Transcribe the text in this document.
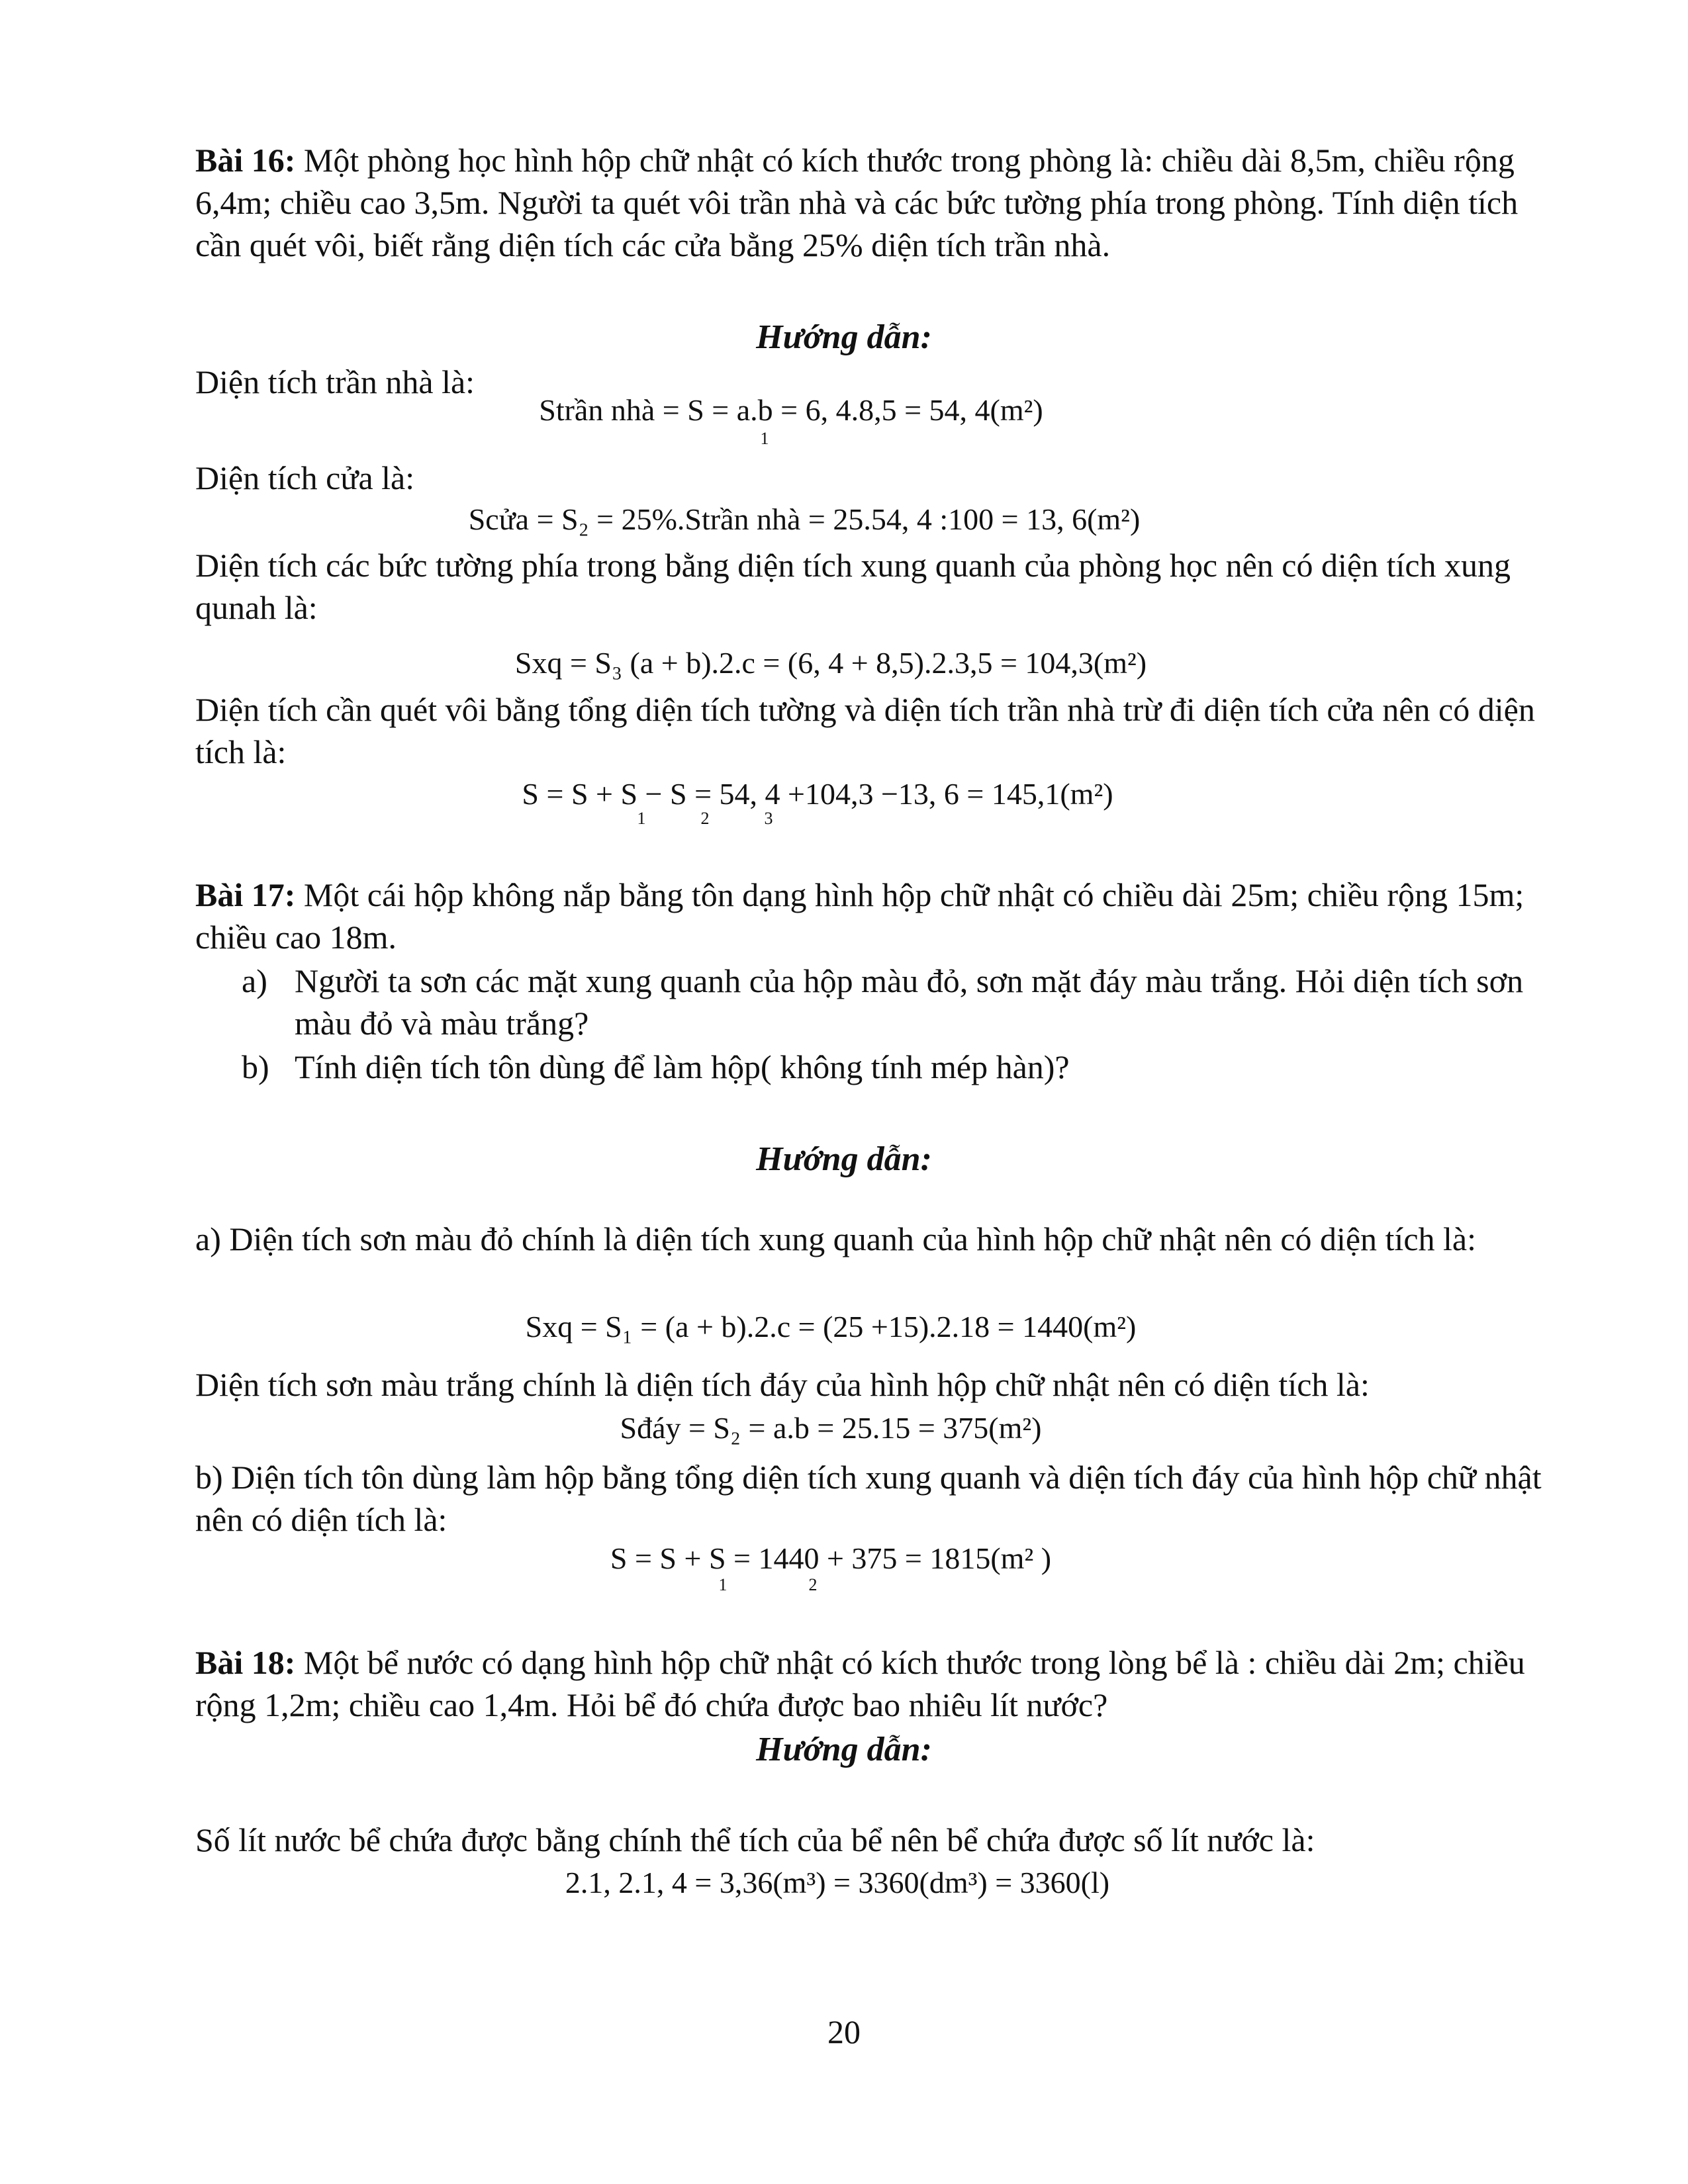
Bài 16: Một phòng học hình hộp chữ nhật có kích thước trong phòng là: chiều dài 8,5m, chiều rộng 6,4m; chiều cao 3,5m. Người ta quét vôi trần nhà và các bức tường phía trong phòng. Tính diện tích cần quét vôi, biết rằng diện tích các cửa bằng 25% diện tích trần nhà.

Hướng dẫn:

Diện tích trần nhà là:

Strần nhà = S = a.b = 6, 4.8,5 = 54, 4(m²)
1

Diện tích cửa là:

Scửa = S₂ = 25%.Strần nhà = 25.54, 4 :100 = 13, 6(m²)

Diện tích các bức tường phía trong bằng diện tích xung quanh của phòng học nên có diện tích xung qunah là:

Sxq = S₃ (a + b).2.c = (6, 4 + 8,5).2.3,5 = 104,3(m²)

Diện tích cần quét vôi bằng tổng diện tích tường và diện tích trần nhà trừ đi diện tích cửa nên có diện tích là:

S = S + S − S = 54, 4 +104,3 −13, 6 = 145,1(m²)
1	2	3

Bài 17: Một cái hộp không nắp bằng tôn dạng hình hộp chữ nhật có chiều dài 25m; chiều rộng 15m; chiều cao 18m.

a) Người ta sơn các mặt xung quanh của hộp màu đỏ, sơn mặt đáy màu trắng. Hỏi diện tích sơn màu đỏ và màu trắng?
b) Tính diện tích tôn dùng để làm hộp( không tính mép hàn)?
Hướng dẫn:

a) Diện tích sơn màu đỏ chính là diện tích xung quanh của hình hộp chữ nhật nên có diện tích là:

Sxq = S₁ = (a + b).2.c = (25 +15).2.18 = 1440(m²)

Diện tích sơn màu trắng chính là diện tích đáy của hình hộp chữ nhật nên có diện tích là:

Sđáy = S₂ = a.b = 25.15 = 375(m²)

b) Diện tích tôn dùng làm hộp bằng tổng diện tích xung quanh và diện tích đáy của hình hộp chữ nhật nên có diện tích là:

S = S + S = 1440 + 375 = 1815(m² )
1	2

Bài 18: Một bể nước có dạng hình hộp chữ nhật có kích thước trong lòng bể là : chiều dài 2m; chiều rộng 1,2m; chiều cao 1,4m. Hỏi bể đó chứa được bao nhiêu lít nước?

Hướng dẫn:

Số lít nước bể chứa được bằng chính thể tích của bể nên bể chứa được số lít nước là:

2.1, 2.1, 4 = 3,36(m³) = 3360(dm³) = 3360(l)
20
